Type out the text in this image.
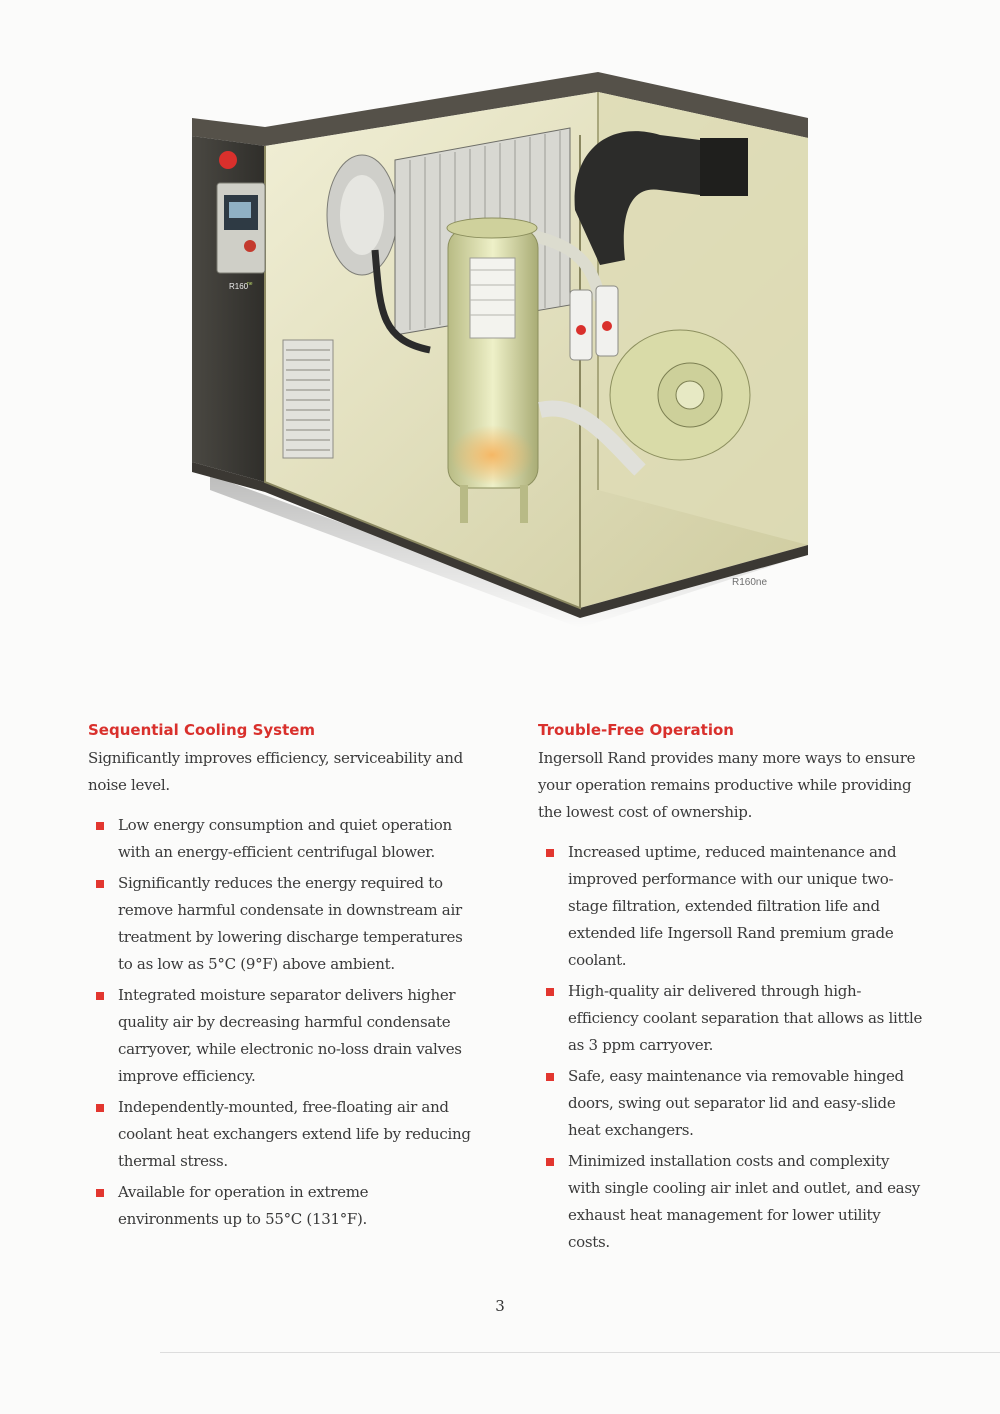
R160
ne
R160ne
Sequential Cooling System

Significantly improves efficiency, serviceability and noise level.

Low energy consumption and quiet operation with an energy-efficient centrifugal blower.
Significantly reduces the energy required to remove harmful condensate in downstream air treatment by lowering discharge temperatures to as low as 5°C (9°F) above ambient.
Integrated moisture separator delivers higher quality air by decreasing harmful condensate carryover, while electronic no-loss drain valves improve efficiency.
Independently-mounted, free-floating air and coolant heat exchangers extend life by reducing thermal stress.
Available for operation in extreme environments up to 55°C (131°F).
Trouble-Free Operation

Ingersoll Rand provides many more ways to ensure your operation remains productive while providing the lowest cost of ownership.

Increased uptime, reduced maintenance and improved performance with our unique two-stage filtration, extended filtration life and extended life Ingersoll Rand premium grade coolant.
High-quality air delivered through high-efficiency coolant separation that allows as little as 3 ppm carryover.
Safe, easy maintenance via removable hinged doors, swing out separator lid and easy-slide heat exchangers.
Minimized installation costs and complexity with single cooling air inlet and outlet, and easy exhaust heat management for lower utility costs.
3
